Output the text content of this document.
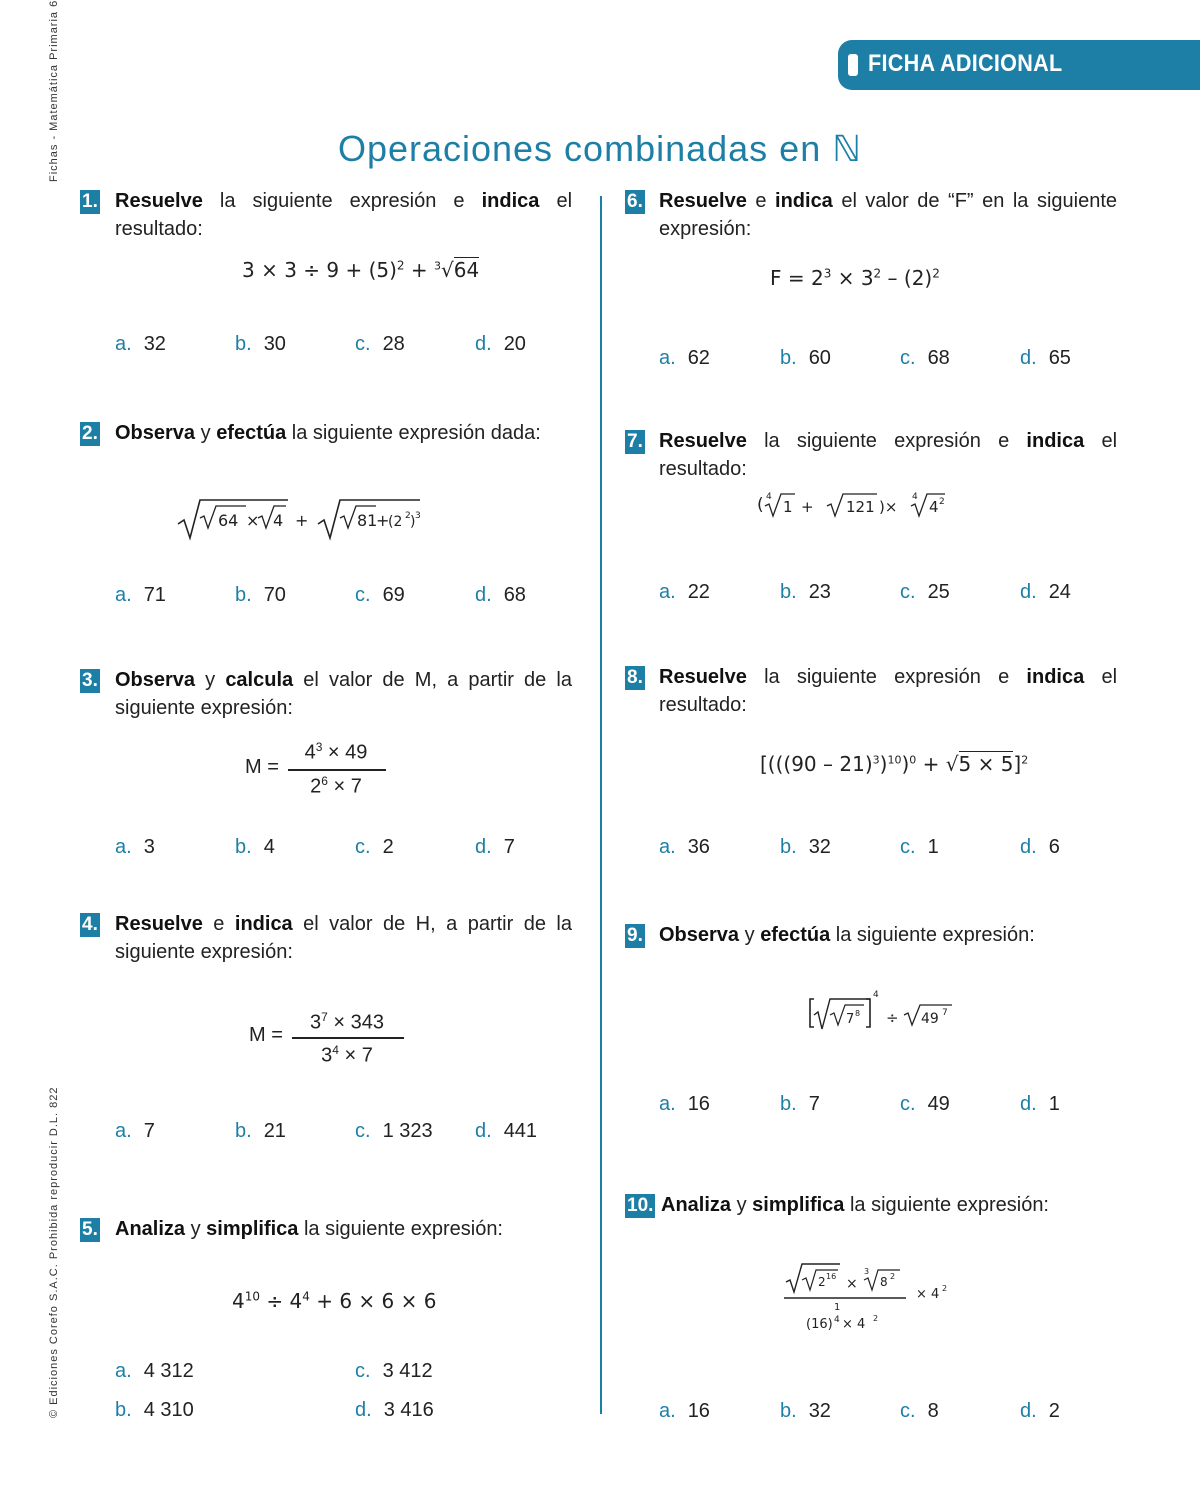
FICHA ADICIONAL
Fichas - Matemática Primaria 6
© Ediciones Corefo S.A.C. Prohibida reproducir D.L. 822
Operaciones combinadas en ℕ
1. Resuelve la siguiente expresión e indica el resultado:
$3 \times 3 \div 9 + (5)^2 + ^3√64$
a. 32	b. 30	c. 28	d. 20
2. Observa y efectúa la siguiente expresión dada:
64 × 4 +	81
+
(2 2 ) 3
a. 71	b. 70	c. 69	d. 68
3. Observa y calcula el valor de M, a partir de la siguiente expresión:
M =
$4^3 \times 49$
$2^6 \times 7$
a. 3	b. 4	c. 2	d. 7
4. Resuelve e indica el valor de H, a partir de la siguiente expresión:
M =
$3^7 \times 343$
$3^4 \times 7$
a. 7	b. 21	c. 1 323 d. 441
5. Analiza y simplifica la siguiente expresión:
$4^{10} \div 4^4 + 6 \times 6 \times 6$
a. 4 312
b. 4 310
c. 3 412
d. 3 416
6. Resuelve e indica el valor de “F” en la siguiente expresión:
$F = 2^3 \times 3^2 - (2)^2$
a. 62	b. 60	c. 68	d. 65
7. Resuelve la siguiente expresión e indica el resultado:
( 4
1 + 121 )×
4
4 2
a. 22	b. 23	c. 25	d. 24
8. Resuelve la siguiente expresión e indica el resultado:
$[(((90 - 21)^3)^{10})^0 + √5 \times 5]^2$
a. 36	b. 32	c. 1	d. 6
9. Observa y efectúa la siguiente expresión:
7 8
4
÷ 49 7
a. 16	b. 7	c. 49	d. 1
10. Analiza y simplifica la siguiente expresión:
2 16 ×
3
8 2
1
(16) 4 × 4 2
× 4 2
a. 16	b. 32	c. 8	d. 2
